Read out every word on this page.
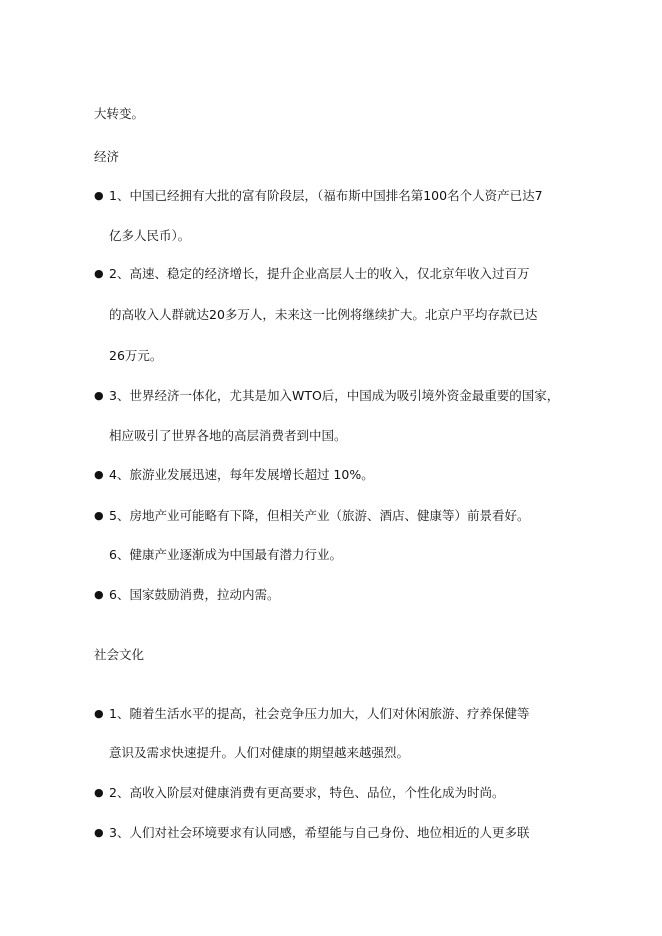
大转变。
经济
● 1、中国已经拥有大批的富有阶段层，（福布斯中国排名第100名个人资产已达7
亿多人民币）。
● 2、高速、稳定的经济增长，提升企业高层人士的收入，仅北京年收入过百万
的高收入人群就达20多万人，未来这一比例将继续扩大。北京户平均存款已达
26万元。
● 3、世界经济一体化，尤其是加入WTO后，中国成为吸引境外资金最重要的国家，
相应吸引了世界各地的高层消费者到中国。
● 4、旅游业发展迅速，每年发展增长超过 10%。
● 5、房地产业可能略有下降，但相关产业（旅游、酒店、健康等）前景看好。
6、健康产业逐渐成为中国最有潜力行业。
● 6、国家鼓励消费，拉动内需。
社会文化
● 1、随着生活水平的提高，社会竞争压力加大，人们对休闲旅游、疗养保健等
意识及需求快速提升。人们对健康的期望越来越强烈。
● 2、高收入阶层对健康消费有更高要求，特色、品位，个性化成为时尚。
● 3、人们对社会环境要求有认同感，希望能与自己身份、地位相近的人更多联
